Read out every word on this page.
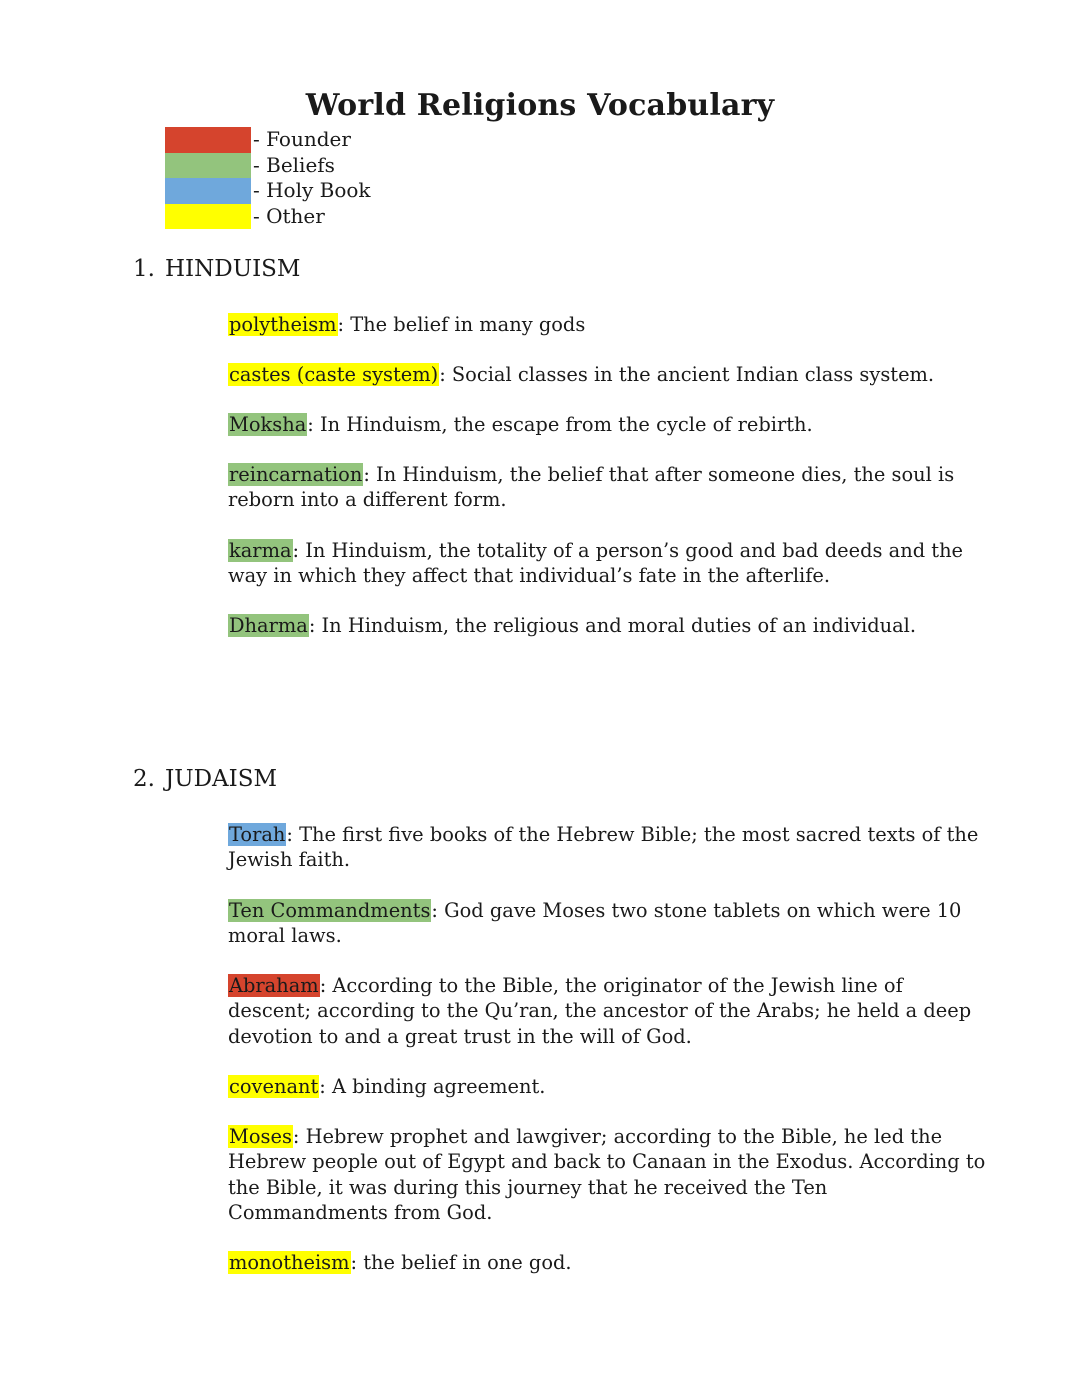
World Religions Vocabulary
- Founder
- Beliefs
- Holy Book
- Other
1. HINDUISM
polytheism: The belief in many gods
castes (caste system): Social classes in the ancient Indian class system.
Moksha: In Hinduism, the escape from the cycle of rebirth.
reincarnation: In Hinduism, the belief that after someone dies, the soul is reborn into a different form.
karma: In Hinduism, the totality of a person’s good and bad deeds and the way in which they affect that individual’s fate in the afterlife.
Dharma: In Hinduism, the religious and moral duties of an individual.
2. JUDAISM
Torah: The first five books of the Hebrew Bible; the most sacred texts of the Jewish faith.
Ten Commandments: God gave Moses two stone tablets on which were 10 moral laws.
Abraham: According to the Bible, the originator of the Jewish line of descent; according to the Qu’ran, the ancestor of the Arabs; he held a deep devotion to and a great trust in the will of God.
covenant: A binding agreement.
Moses: Hebrew prophet and lawgiver; according to the Bible, he led the Hebrew people out of Egypt and back to Canaan in the Exodus. According to the Bible, it was during this journey that he received the Ten Commandments from God.
monotheism: the belief in one god.
